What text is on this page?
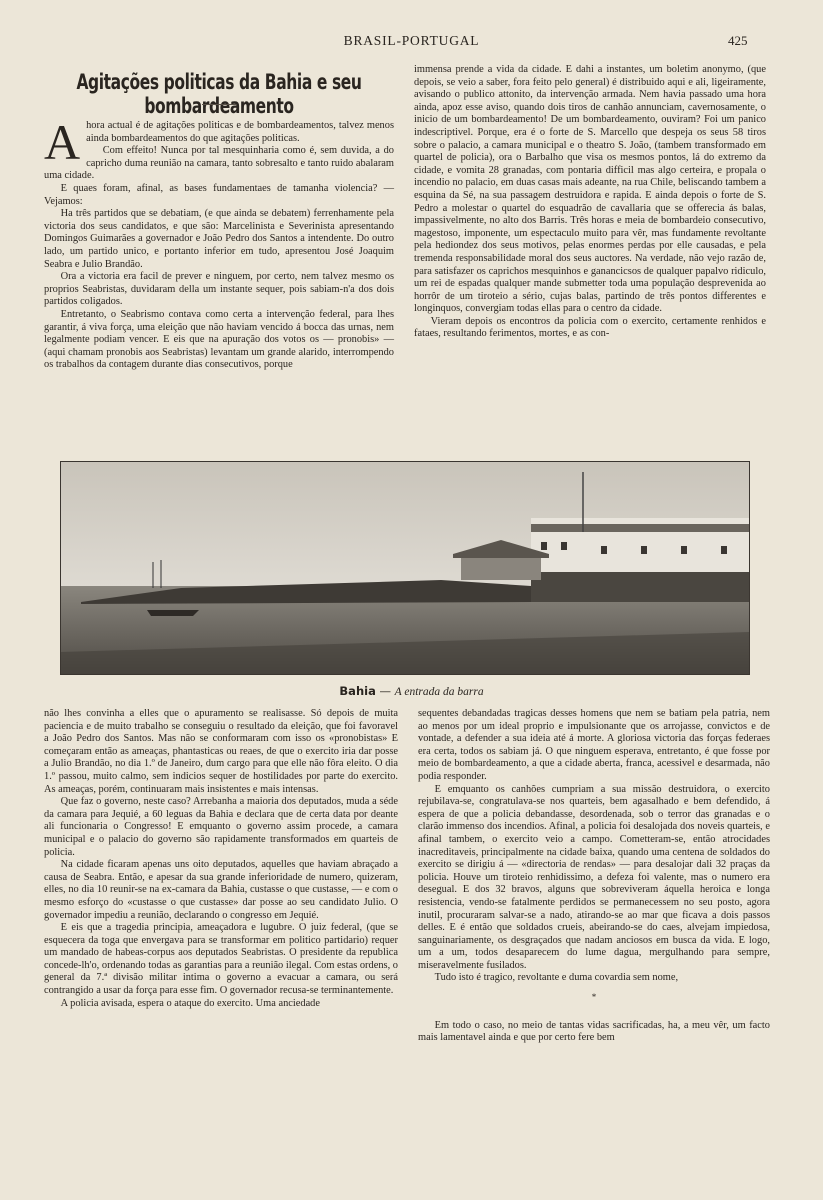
BRASIL-PORTUGAL	425
Agitações politicas da Bahia e seu bombardeamento

Ahora actual é de agitações politicas e de bombardeamentos, talvez menos ainda bombardeamentos do que agitações politicas.

Com effeito! Nunca por tal mesquinharia como é, sem duvida, a do capricho duma reunião na camara, tanto sobresalto e tanto ruido abalaram uma cidade.

E quaes foram, afinal, as bases fundamentaes de tamanha violencia? — Vejamos:

Ha três partidos que se debatiam, (e que ainda se debatem) ferrenhamente pela victoria dos seus candidatos, e que são: Marcelinista e Severinista apresentando Domingos Guimarães a governador e João Pedro dos Santos a intendente. Do outro lado, um partido unico, e portanto inferior em tudo, apresentou José Joaquim Seabra e Julio Brandão.

Ora a victoria era facil de prever e ninguem, por certo, nem talvez mesmo os proprios Seabristas, duvidaram della um instante sequer, pois sabiam-n'a dos dois partidos coligados.

Entretanto, o Seabrismo contava como certa a intervenção federal, para lhes garantir, á viva força, uma eleição que não haviam vencido á bocca das urnas, nem legalmente podiam vencer. E eis que na apuração dos votos os — pronobis» — (aqui chamam pronobis aos Seabristas) levantam um grande alarido, interrompendo os trabalhos da contagem durante dias consecutivos, porque

immensa prende a vida da cidade. E dahi a instantes, um boletim anonymo, (que depois, se veio a saber, fora feito pelo general) é distribuido aqui e ali, ligeiramente, avisando o publico attonito, da intervenção armada. Nem havia passado uma hora ainda, apoz esse aviso, quando dois tiros de canhão annunciam, cavernosamente, o inicio de um bombardeamento! De um bombardeamento, ouviram? Foi um panico indescriptivel. Porque, era é o forte de S. Marcello que despeja os seus 58 tiros sobre o palacio, a camara municipal e o theatro S. João, (tambem transformado em quartel de policia), ora o Barbalho que visa os mesmos pontos, lá do extremo da cidade, e vomita 28 granadas, com pontaria difficil mas algo certeira, e propala o incendio no palacio, em duas casas mais adeante, na rua Chile, beliscando tambem a esquina da Sé, na sua passagem destruidora e rapida. E ainda depois o forte de S. Pedro a molestar o quartel do esquadrão de cavallaria que se offerecia ás balas, impassivelmente, no alto dos Barris. Três horas e meia de bombardeio consecutivo, magestoso, imponente, um espectaculo muito para vêr, mas fundamente revoltante pela hediondez dos seus motivos, pelas enormes perdas por elle causadas, e pela tremenda responsabilidade moral dos seus auctores. Na verdade, não vejo razão de, para satisfazer os caprichos mesquinhos e ganancicsos de qualquer papalvo ridiculo, um rei de espadas qualquer mande submetter toda uma população desprevenida ao horrôr de um tiroteio a sério, cujas balas, partindo de três pontos differentes e longinquos, convergiam todas ellas para o centro da cidade.

Vieram depois os encontros da policia com o exercito, certamente renhidos e fataes, resultando ferimentos, mortes, e as con-

Bahia — A entrada da barra

não lhes convinha a elles que o apuramento se realisasse. Só depois de muita paciencia e de muito trabalho se conseguiu o resultado da eleição, que foi favoravel a João Pedro dos Santos. Mas não se conformaram com isso os «pronobistas» E começaram então as ameaças, phantasticas ou reaes, de que o exercito iria dar posse a Julio Brandão, no dia 1.º de Janeiro, dum cargo para que elle não fôra eleito. O dia 1.º passou, muito calmo, sem indicios sequer de hostilidades por parte do exercito. As ameaças, porém, continuaram mais insistentes e mais intensas.

Que faz o governo, neste caso? Arrebanha a maioria dos deputados, muda a séde da camara para Jequié, a 60 leguas da Bahia e declara que de certa data por deante ali funcionaria o Congresso! E emquanto o governo assim procede, a camara municipal e o palacio do governo são rapidamente transformados em quarteis de policia.

Na cidade ficaram apenas uns oito deputados, aquelles que haviam abraçado a causa de Seabra. Então, e apesar da sua grande inferioridade de numero, quizeram, elles, no dia 10 reunir-se na ex-camara da Bahia, custasse o que custasse, — e com o mesmo esforço do «custasse o que custasse» dar posse ao seu candidato Julio. O governador impediu a reunião, declarando o congresso em Jequié.

E eis que a tragedia principia, ameaçadora e lugubre. O juiz federal, (que se esquecera da toga que envergava para se transformar em politico partidario) requer um mandado de habeas-corpus aos deputados Seabristas. O presidente da republica concede-lh'o, ordenando todas as garantias para a reunião ilegal. Com estas ordens, o general da 7.ª divisão militar intima o governo a evacuar a camara, ou será contrangido a usar da força para esse fim. O governador recusa-se terminantemente.

A policia avisada, espera o ataque do exercito. Uma anciedade

sequentes debandadas tragicas desses homens que nem se batiam pela patria, nem ao menos por um ideal proprio e impulsionante que os arrojasse, convictos e de vontade, a defender a sua ideia até á morte. A gloriosa victoria das forças federaes era certa, todos os sabiam já. O que ninguem esperava, entretanto, é que fosse por meio de bombardeamento, a que a cidade aberta, franca, acessivel e desarmada, não podia responder.

E emquanto os canhões cumpriam a sua missão destruidora, o exercito rejubilava-se, congratulava-se nos quarteis, bem agasalhado e bem defendido, á espera de que a policia debandasse, desordenada, sob o terror das granadas e o clarão immenso dos incendios. Afinal, a policia foi desalojada dos noveis quarteis, e afinal tambem, o exercito veio a campo. Cometteram-se, então atrocidades inacreditaveis, principalmente na cidade baixa, quando uma centena de soldados do exercito se dirigiu á — «directoria de rendas» — para desalojar dali 32 praças da policia. Houve um tiroteio renhidissimo, a defeza foi valente, mas o numero era desegual. E dos 32 bravos, alguns que sobreviveram áquella heroica e longa resistencia, vendo-se fatalmente perdidos se permanecessem no seu posto, agora inutil, procuraram salvar-se a nado, atirando-se ao mar que ficava a dois passos delles. E é então que soldados crueis, abeirando-se do caes, alvejam impiedosa, sanguinariamente, os desgraçados que nadam anciosos em busca da vida. E logo, um a um, todos desaparecem do lume dagua, mergulhando para sempre, miseravelmente fusilados.

Tudo isto é tragico, revoltante e duma covardia sem nome,

*

Em todo o caso, no meio de tantas vidas sacrificadas, ha, a meu vêr, um facto mais lamentavel ainda e que por certo fere bem
